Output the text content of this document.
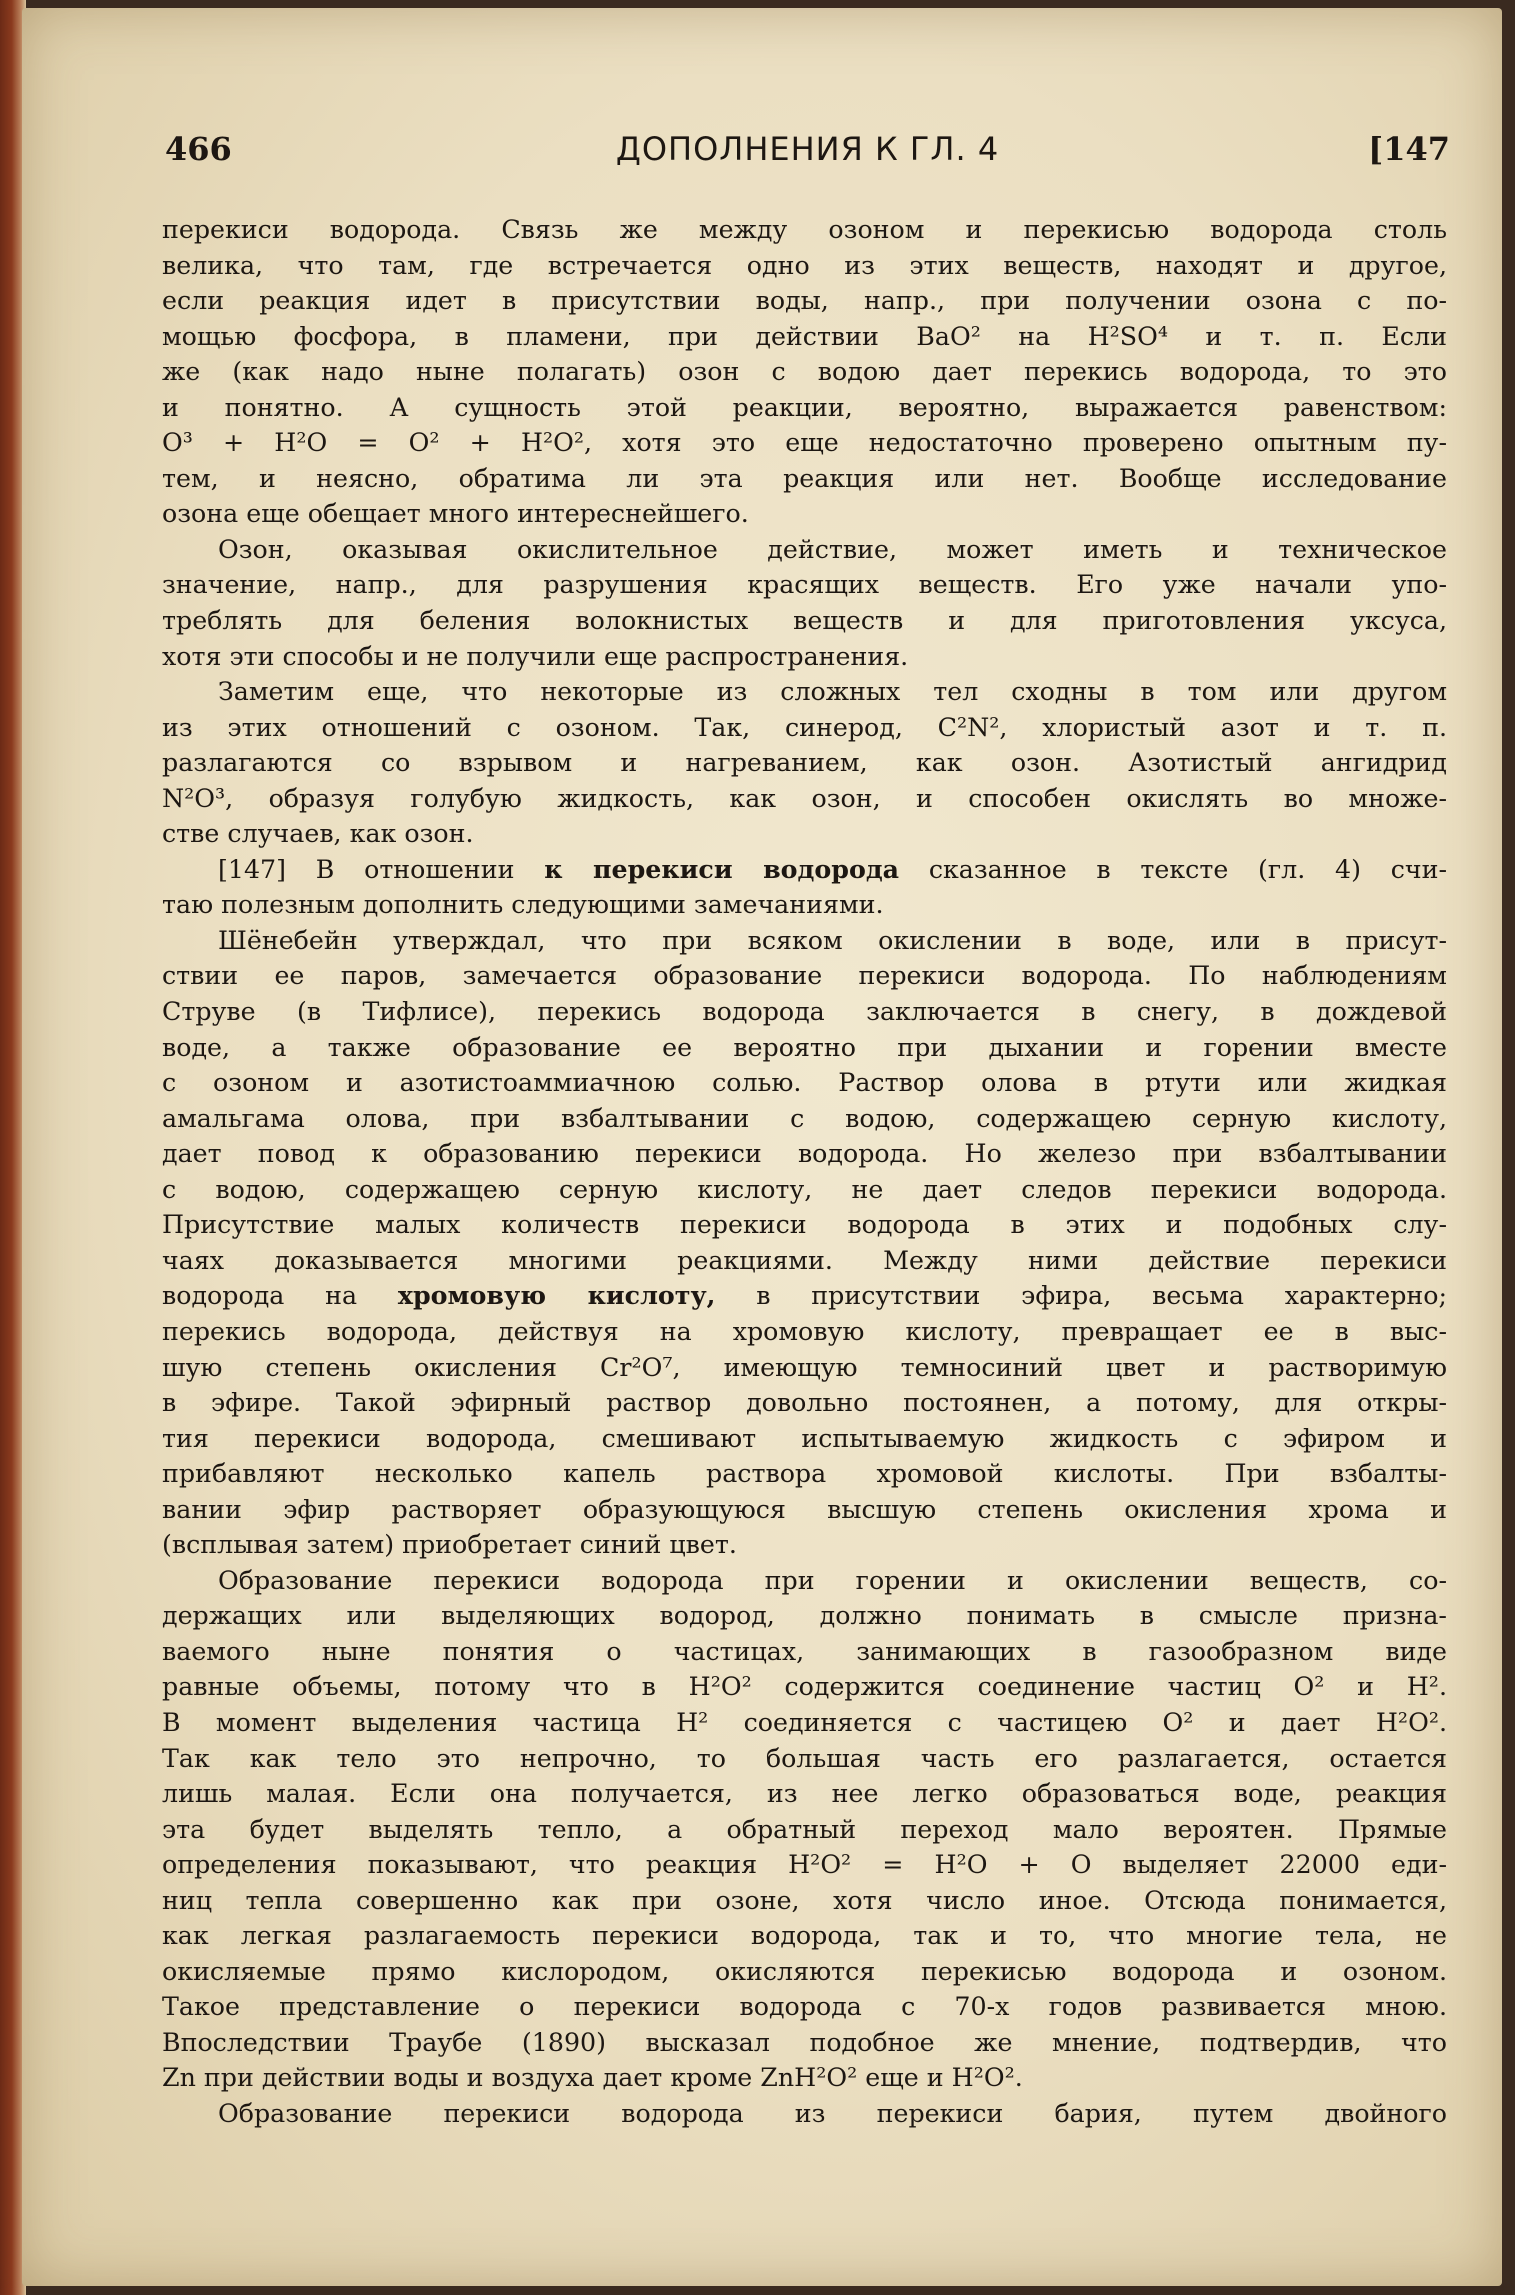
466	ДОПОЛНЕНИЯ К ГЛ. 4	[147

перекиси водорода. Связь же между озоном и перекисью водорода столь

велика, что там, где встречается одно из этих веществ, находят и другое,

если реакция идет в присутствии воды, напр., при получении озона с по-

мощью фосфора, в пламени, при действии BaO² на H²SO⁴ и т. п. Если

же (как надо ныне полагать) озон с водою дает перекись водорода, то это

и понятно. А сущность этой реакции, вероятно, выражается равенством:

O³ + H²O = O² + H²O², хотя это еще недостаточно проверено опытным пу-

тем, и неясно, обратима ли эта реакция или нет. Вообще исследование

озона еще обещает много интереснейшего.

Озон, оказывая окислительное действие, может иметь и техническое

значение, напр., для разрушения красящих веществ. Его уже начали упо-

треблять для беления волокнистых веществ и для приготовления уксуса,

хотя эти способы и не получили еще распространения.

Заметим еще, что некоторые из сложных тел сходны в том или другом

из этих отношений с озоном. Так, синерод, C²N², хлористый азот и т. п.

разлагаются со взрывом и нагреванием, как озон. Азотистый ангидрид

N²O³, образуя голубую жидкость, как озон, и способен окислять во множе-

стве случаев, как озон.

[147] В отношении к перекиси водорода сказанное в тексте (гл. 4) счи-

таю полезным дополнить следующими замечаниями.

Шёнебейн утверждал, что при всяком окислении в воде, или в присут-

ствии ее паров, замечается образование перекиси водорода. По наблюдениям

Струве (в Тифлисе), перекись водорода заключается в снегу, в дождевой

воде, а также образование ее вероятно при дыхании и горении вместе

с озоном и азотистоаммиачною солью. Раствор олова в ртути или жидкая

амальгама олова, при взбалтывании с водою, содержащею серную кислоту,

дает повод к образованию перекиси водорода. Но железо при взбалтывании

с водою, содержащею серную кислоту, не дает следов перекиси водорода.

Присутствие малых количеств перекиси водорода в этих и подобных слу-

чаях доказывается многими реакциями. Между ними действие перекиси

водорода на хромовую кислоту, в присутствии эфира, весьма характерно;

перекись водорода, действуя на хромовую кислоту, превращает ее в выс-

шую степень окисления Cr²O⁷, имеющую темносиний цвет и растворимую

в эфире. Такой эфирный раствор довольно постоянен, а потому, для откры-

тия перекиси водорода, смешивают испытываемую жидкость с эфиром и

прибавляют несколько капель раствора хромовой кислоты. При взбалты-

вании эфир растворяет образующуюся высшую степень окисления хрома и

(всплывая затем) приобретает синий цвет.

Образование перекиси водорода при горении и окислении веществ, со-

держащих или выделяющих водород, должно понимать в смысле призна-

ваемого ныне понятия о частицах, занимающих в газообразном виде

равные объемы, потому что в H²O² содержится соединение частиц O² и H².

В момент выделения частица H² соединяется с частицею O² и дает H²O².

Так как тело это непрочно, то большая часть его разлагается, остается

лишь малая. Если она получается, из нее легко образоваться воде, реакция

эта будет выделять тепло, а обратный переход мало вероятен. Прямые

определения показывают, что реакция H²O² = H²O + O выделяет 22000 еди-

ниц тепла совершенно как при озоне, хотя число иное. Отсюда понимается,

как легкая разлагаемость перекиси водорода, так и то, что многие тела, не

окисляемые прямо кислородом, окисляются перекисью водорода и озоном.

Такое представление о перекиси водорода с 70-х годов развивается мною.

Впоследствии Траубе (1890) высказал подобное же мнение, подтвердив, что

Zn при действии воды и воздуха дает кроме ZnH²O² еще и H²O².

Образование перекиси водорода из перекиси бария, путем двойного
